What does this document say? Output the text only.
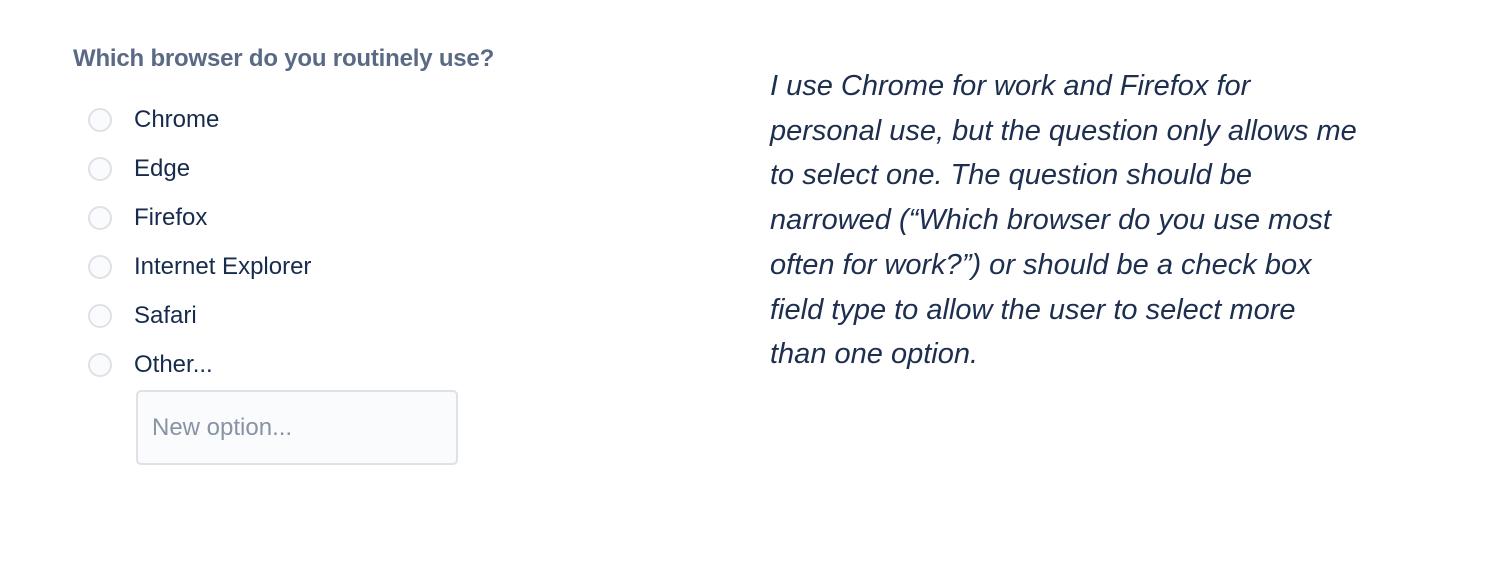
Which browser do you routinely use?
Chrome
Edge
Firefox
Internet Explorer
Safari
Other...
New option...
I use Chrome for work and Firefox for
personal use, but the question only allows me
to select one. The question should be
narrowed (“Which browser do you use most
often for work?”) or should be a check box
field type to allow the user to select more
than one option.
